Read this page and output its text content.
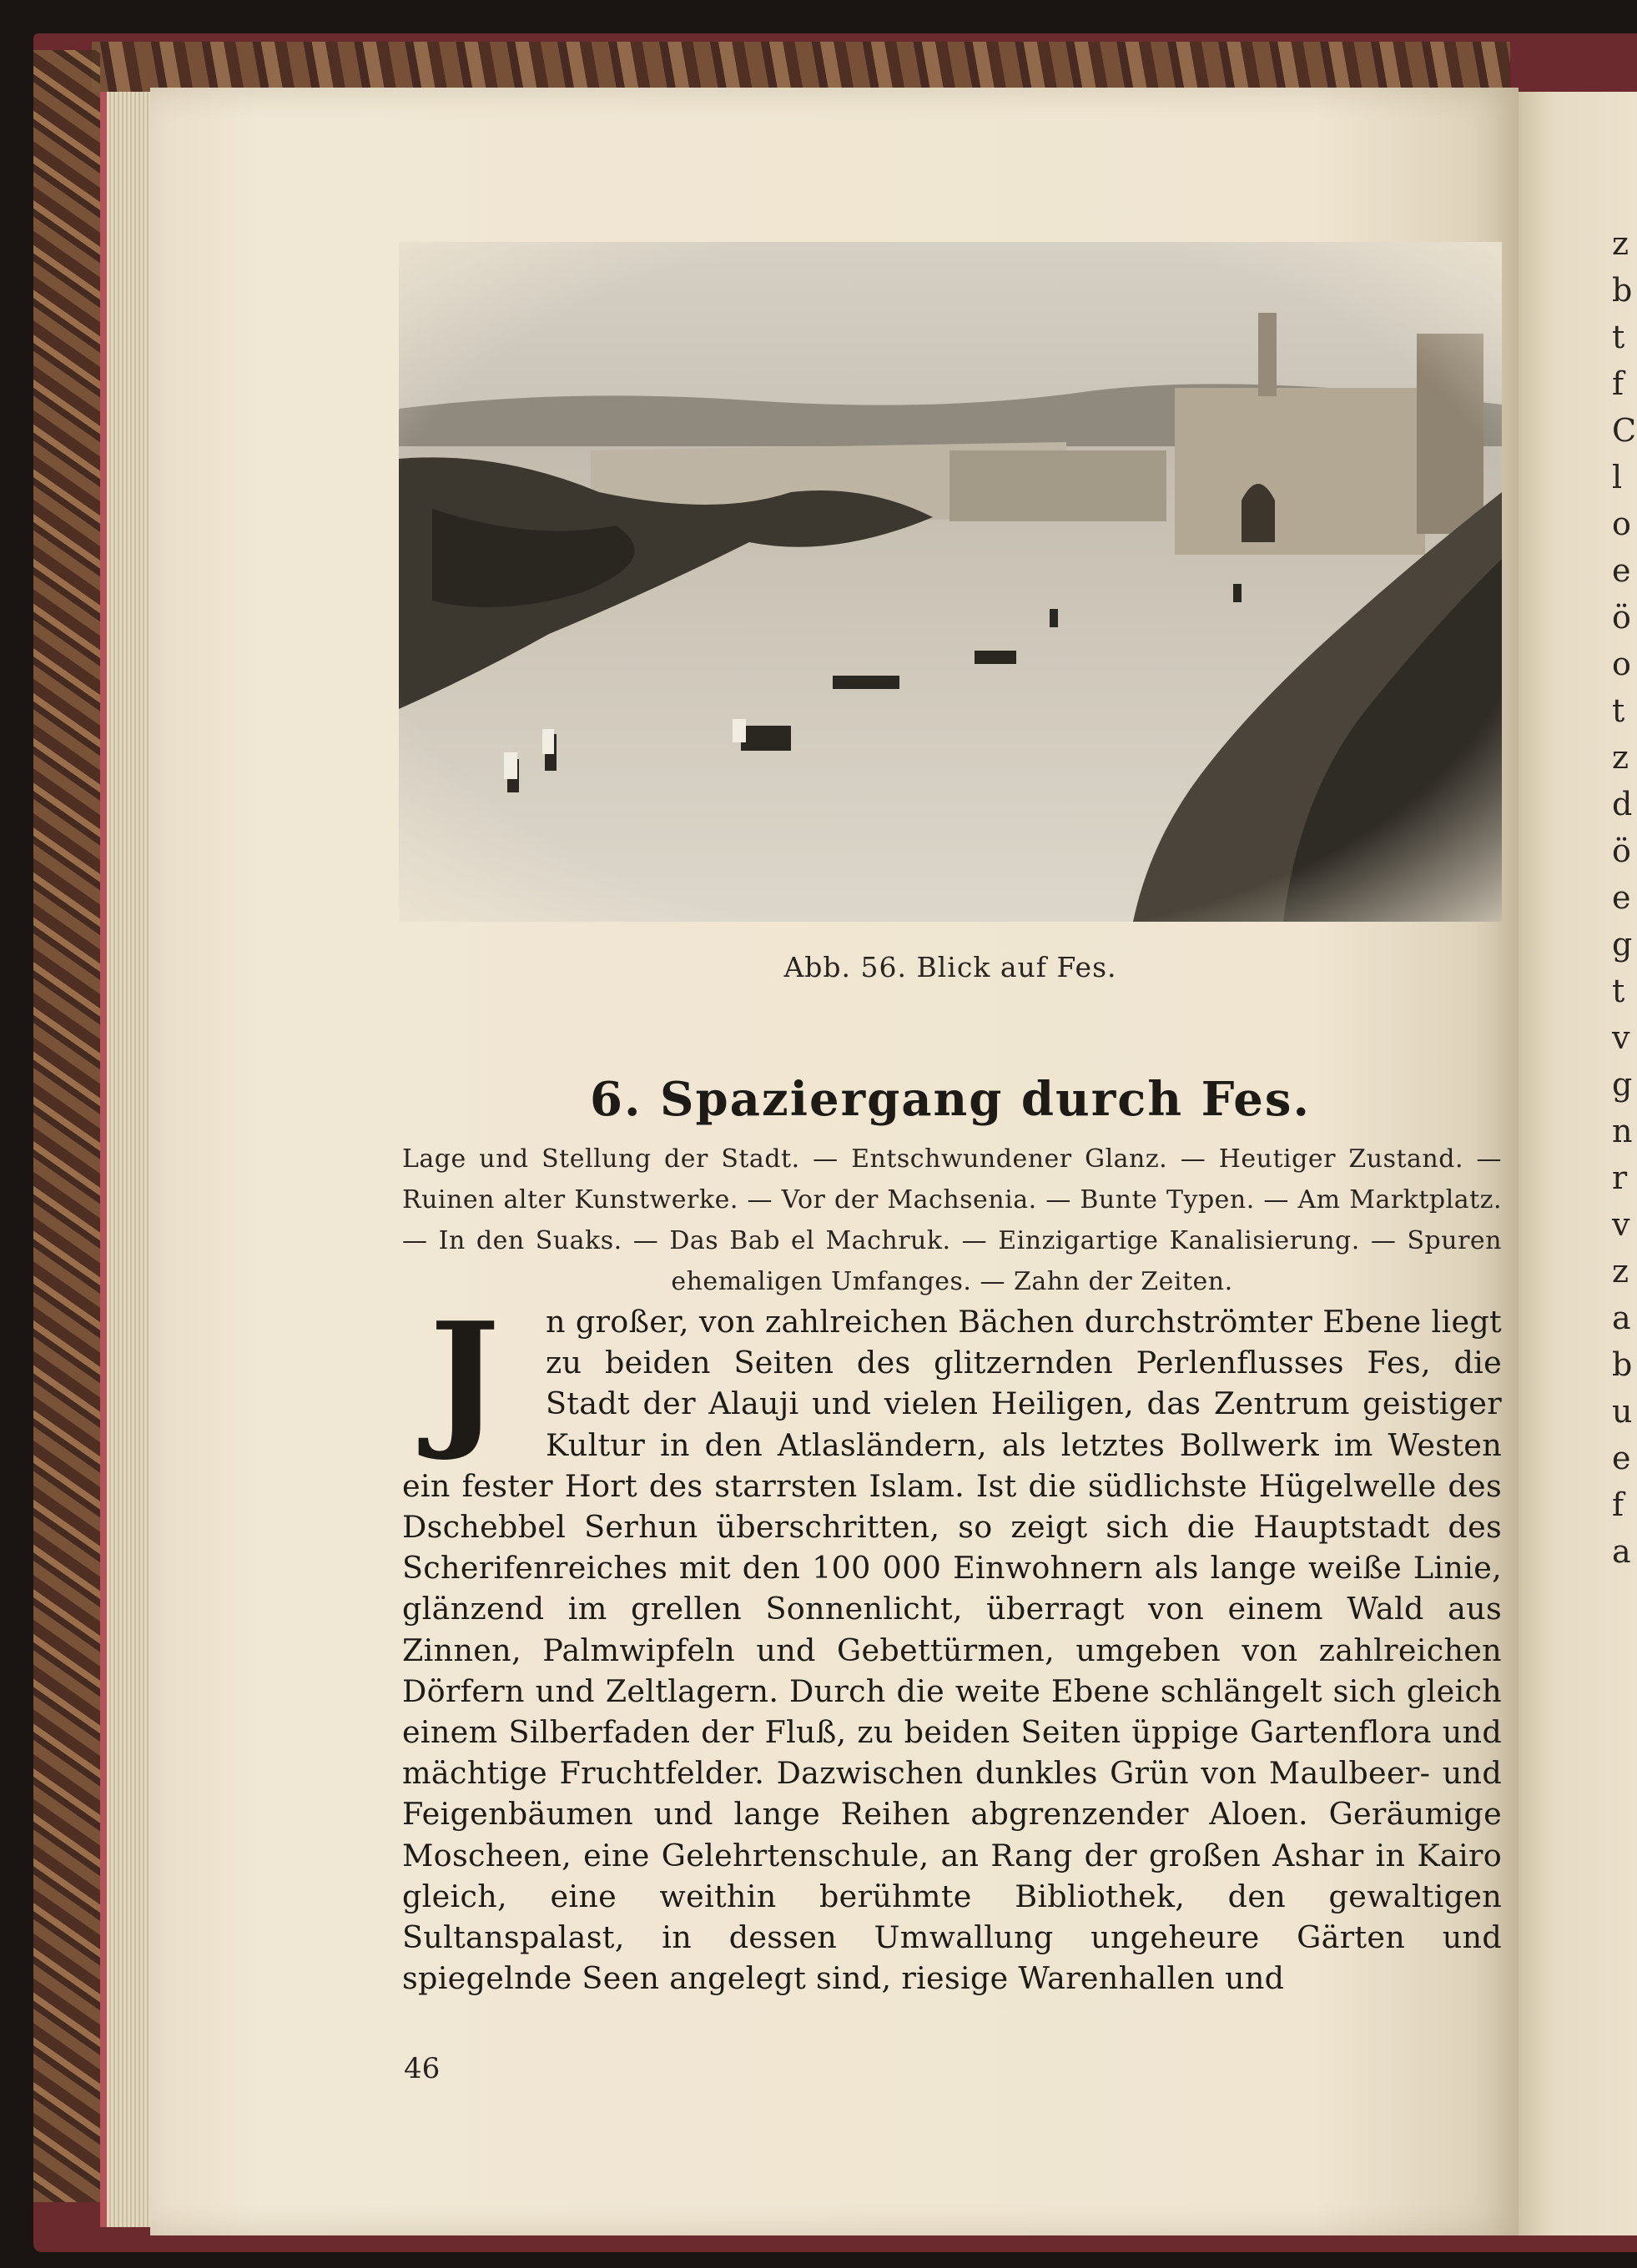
z
b
t
f
C
l
o
e
ö
o
t
z
d
ö
e
g
t
v
g
n
r
v
z
a
b
u
e
f
a
Abb. 56. Blick auf Fes.
6. Spaziergang durch Fes.
Lage und Stellung der Stadt. — Entschwundener Glanz. — Heutiger Zustand. — Ruinen alter Kunstwerke. — Vor der Machsenia. — Bunte Typen. — Am Marktplatz. — In den Suaks. — Das Bab el Machruk. — Einzigartige Kanalisierung. — Spuren ehemaligen Umfanges. — Zahn der Zeiten.
J	n großer, von zahlreichen Bächen durchströmter Ebene liegt zu beiden Seiten des glitzernden Perlenflusses Fes, die Stadt der Alauji und vielen Heiligen, das Zentrum geistiger Kultur in den Atlasländern, als letztes Bollwerk im Westen ein fester Hort des starrsten Islam. Ist die südlichste Hügelwelle des Dschebbel Serhun überschritten, so zeigt sich die Hauptstadt des Scherifenreiches mit den 100 000 Einwohnern als lange weiße Linie, glänzend im grellen Sonnenlicht, überragt von einem Wald aus Zinnen, Palmwipfeln und Gebettürmen, umgeben von zahlreichen Dörfern und Zeltlagern. Durch die weite Ebene schlängelt sich gleich einem Silberfaden der Fluß, zu beiden Seiten üppige Gartenflora und mächtige Fruchtfelder. Dazwischen dunkles Grün von Maulbeer- und Feigenbäumen und lange Reihen abgrenzender Aloen. Geräumige Moscheen, eine Gelehrtenschule, an Rang der großen Ashar in Kairo gleich, eine weithin berühmte Bibliothek, den gewaltigen Sultanspalast, in dessen Umwallung ungeheure Gärten und spiegelnde Seen angelegt sind, riesige Warenhallen und
46
